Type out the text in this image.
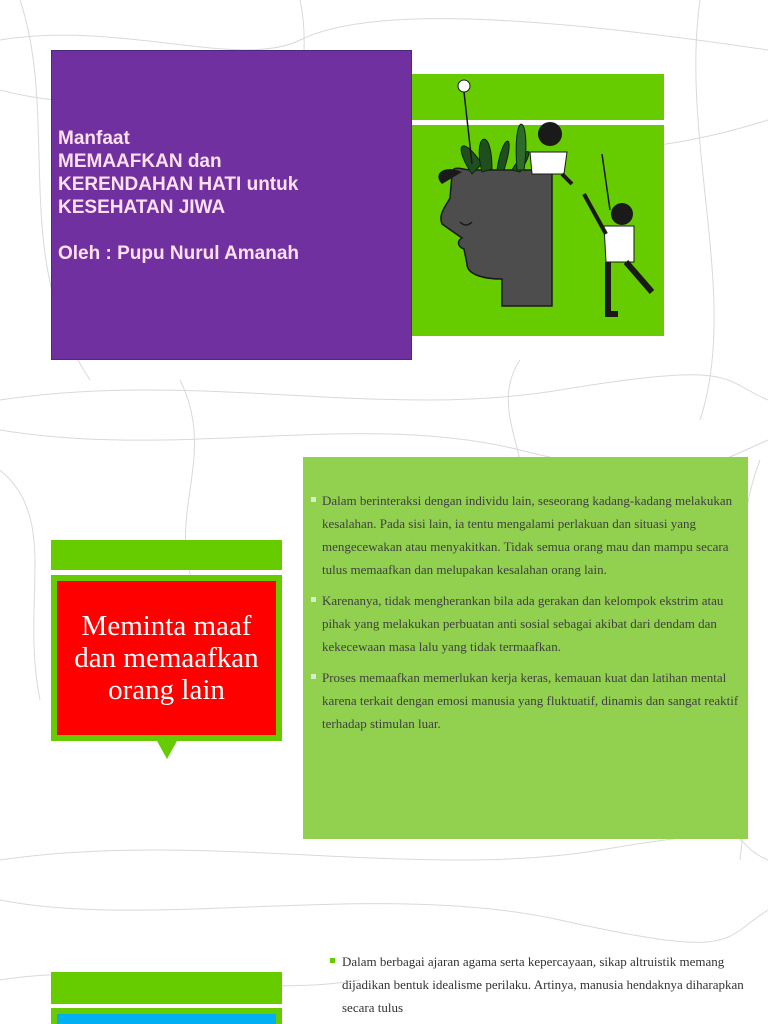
Manfaat
MEMAAFKAN dan
KERENDAHAN HATI untuk
KESEHATAN JIWA
Oleh : Pupu Nurul Amanah
Meminta maaf
dan memaafkan
orang lain
Dalam berinteraksi dengan individu lain, seseorang kadang-kadang melakukan kesalahan. Pada sisi lain, ia tentu mengalami perlakuan dan situasi yang mengecewakan atau menyakitkan. Tidak semua orang mau dan mampu secara tulus memaafkan dan melupakan kesalahan orang lain.
Karenanya, tidak mengherankan bila ada gerakan dan kelompok ekstrim atau pihak yang melakukan perbuatan anti sosial sebagai akibat dari dendam dan kekecewaan masa lalu yang tidak termaafkan.
Proses memaafkan memerlukan kerja keras, kemauan kuat dan latihan mental karena terkait dengan emosi manusia yang fluktuatif, dinamis dan sangat reaktif terhadap stimulan luar.
Dalam berbagai ajaran agama serta kepercayaan, sikap altruistik memang dijadikan bentuk idealisme perilaku. Artinya, manusia hendaknya diharapkan secara tulus
